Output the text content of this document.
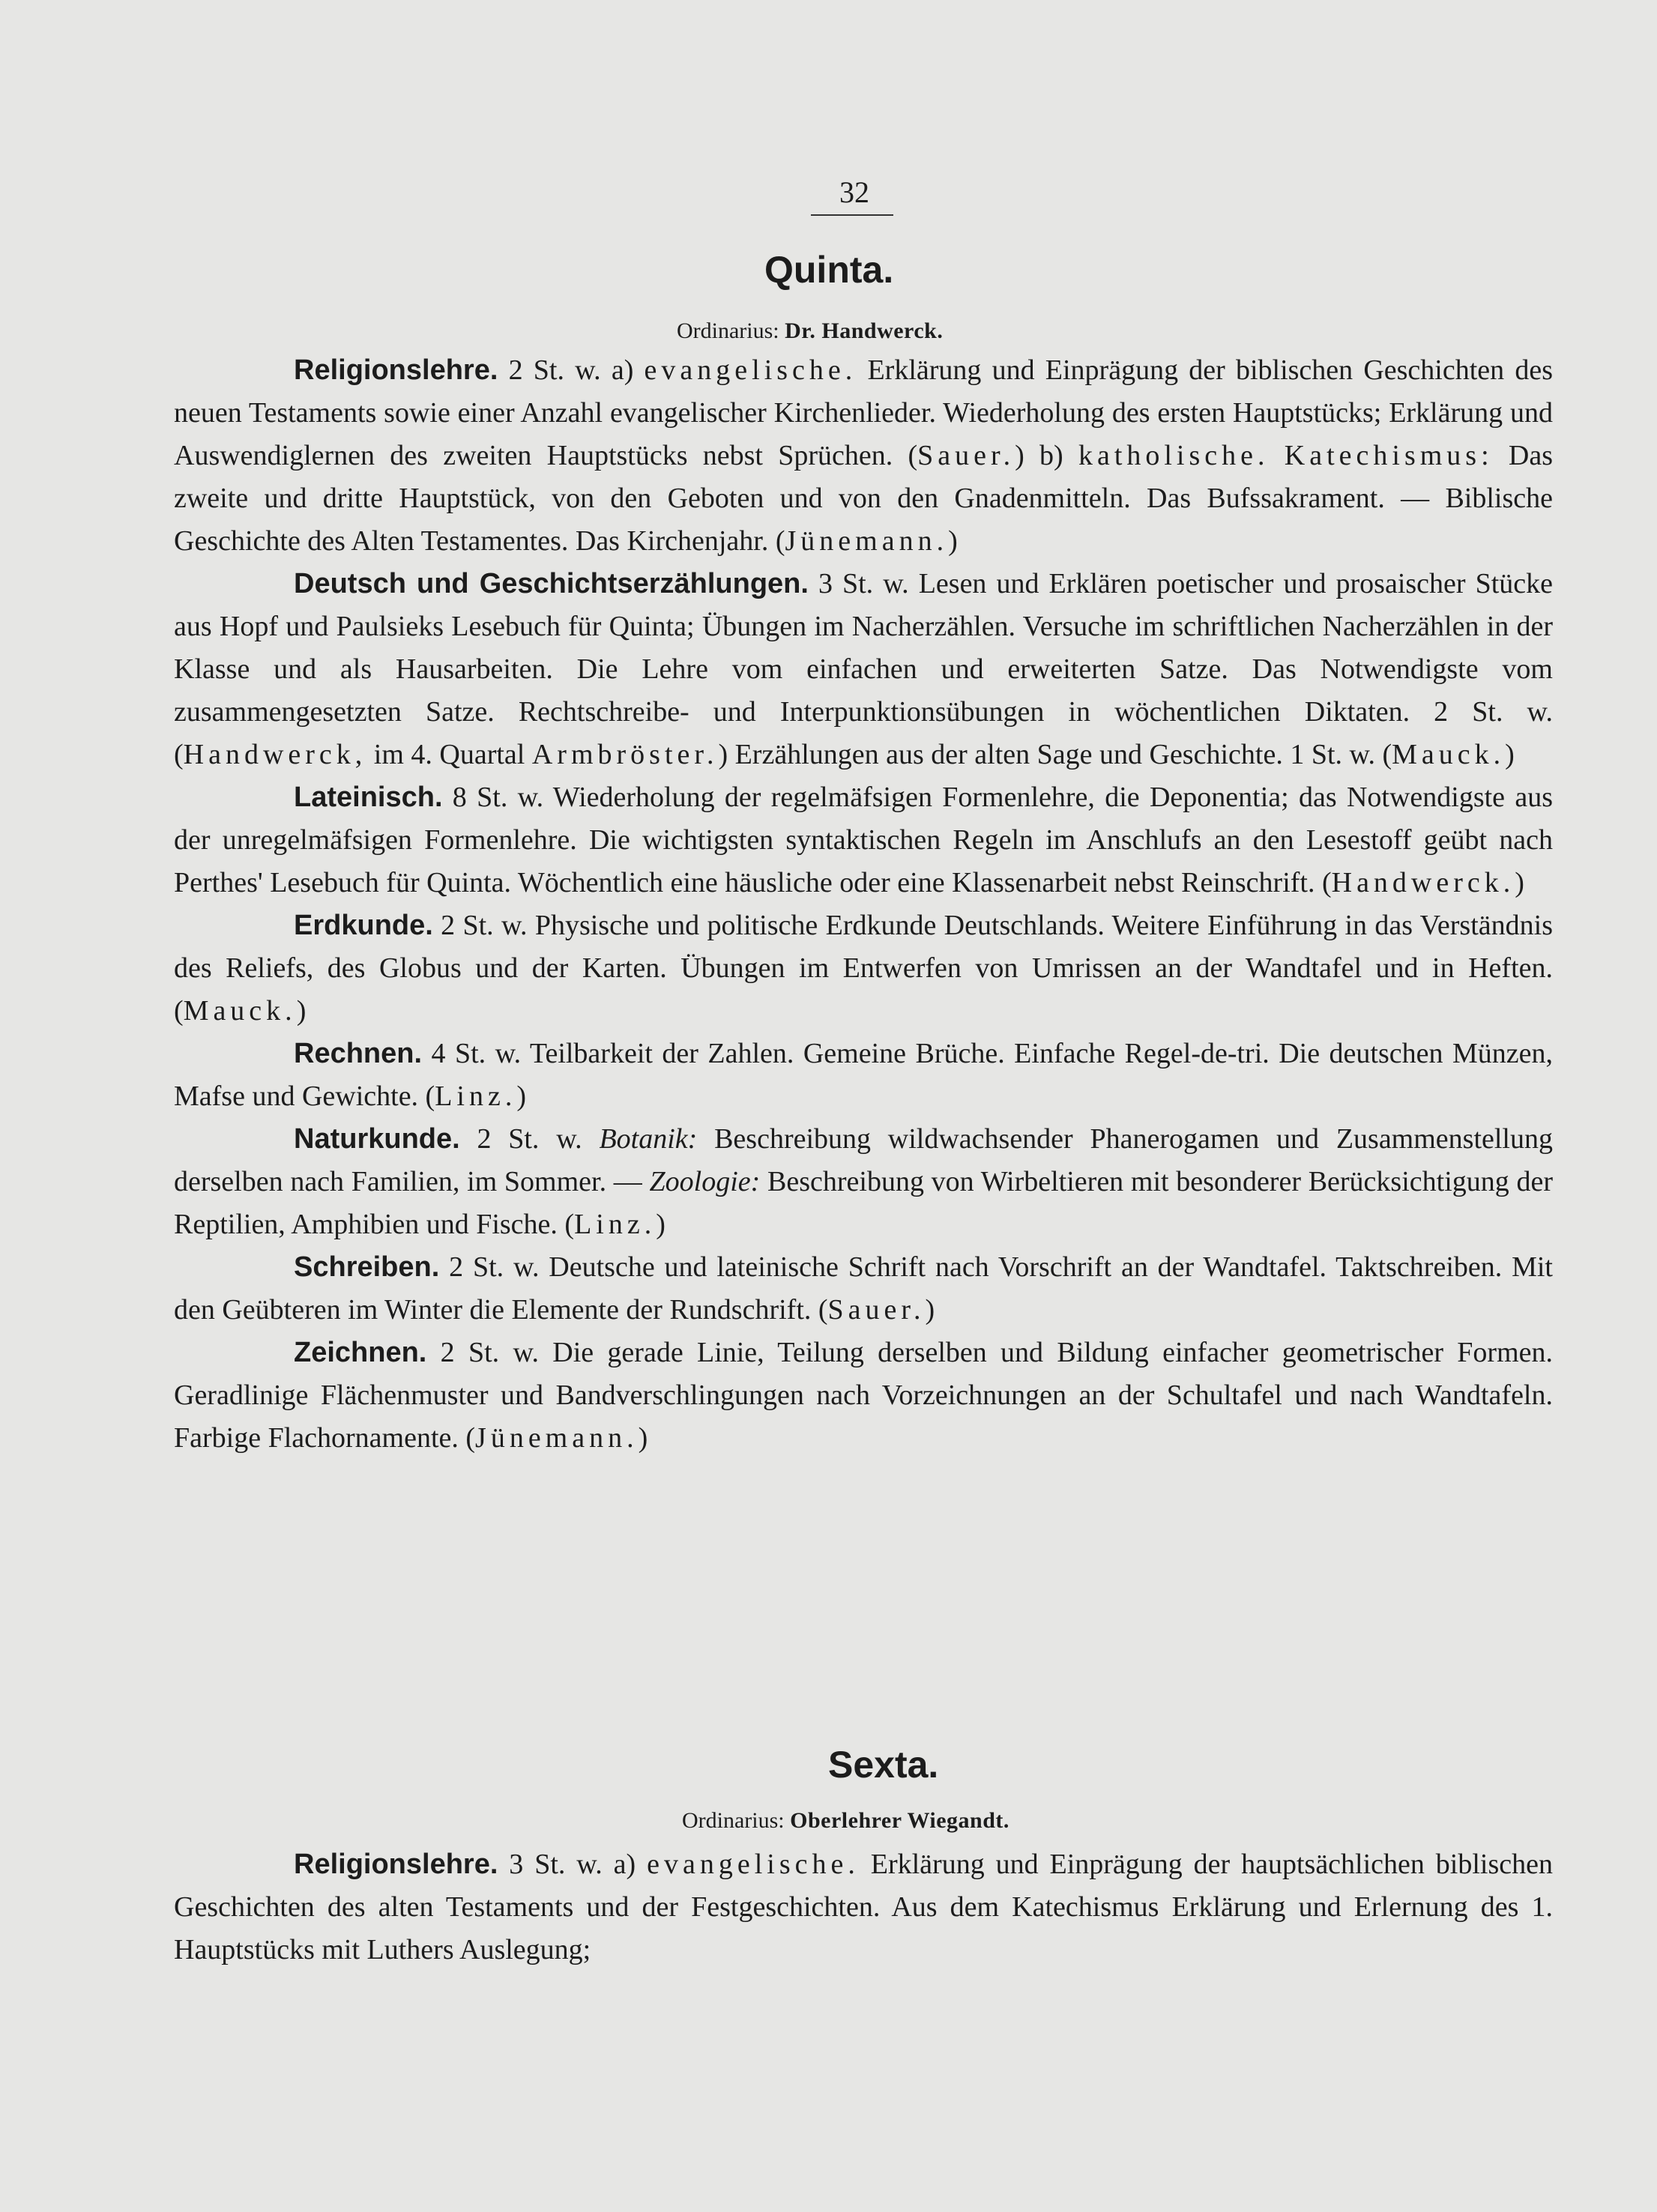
32
Quinta.
Ordinarius: Dr. Handwerck.

Religionslehre. 2 St. w. a) evangelische. Erklärung und Einprägung der biblischen Geschichten des neuen Testaments sowie einer Anzahl evangelischer Kirchenlieder. Wiederholung des ersten Hauptstücks; Erklärung und Auswendiglernen des zweiten Hauptstücks nebst Sprüchen. (Sauer.) b) katholische. Katechismus: Das zweite und dritte Hauptstück, von den Geboten und von den Gnadenmitteln. Das Bufssakrament. — Biblische Geschichte des Alten Testamentes. Das Kirchenjahr. (Jünemann.)

Deutsch und Geschichtserzählungen. 3 St. w. Lesen und Erklären poetischer und prosaischer Stücke aus Hopf und Paulsieks Lesebuch für Quinta; Übungen im Nacherzählen. Versuche im schriftlichen Nacherzählen in der Klasse und als Hausarbeiten. Die Lehre vom einfachen und erweiterten Satze. Das Notwendigste vom zusammengesetzten Satze. Rechtschreibe- und Interpunktionsübungen in wöchentlichen Diktaten. 2 St. w. (Handwerck, im 4. Quartal Armbröster.) Erzählungen aus der alten Sage und Geschichte. 1 St. w. (Mauck.)

Lateinisch. 8 St. w. Wiederholung der regelmäfsigen Formenlehre, die Deponentia; das Notwendigste aus der unregelmäfsigen Formenlehre. Die wichtigsten syntaktischen Regeln im Anschlufs an den Lesestoff geübt nach Perthes' Lesebuch für Quinta. Wöchentlich eine häusliche oder eine Klassenarbeit nebst Reinschrift. (Handwerck.)

Erdkunde. 2 St. w. Physische und politische Erdkunde Deutschlands. Weitere Einführung in das Verständnis des Reliefs, des Globus und der Karten. Übungen im Entwerfen von Umrissen an der Wandtafel und in Heften. (Mauck.)

Rechnen. 4 St. w. Teilbarkeit der Zahlen. Gemeine Brüche. Einfache Regel-de-tri. Die deutschen Münzen, Mafse und Gewichte. (Linz.)

Naturkunde. 2 St. w. Botanik: Beschreibung wildwachsender Phanerogamen und Zusammenstellung derselben nach Familien, im Sommer. — Zoologie: Beschreibung von Wirbeltieren mit besonderer Berücksichtigung der Reptilien, Amphibien und Fische. (Linz.)

Schreiben. 2 St. w. Deutsche und lateinische Schrift nach Vorschrift an der Wandtafel. Taktschreiben. Mit den Geübteren im Winter die Elemente der Rundschrift. (Sauer.)

Zeichnen. 2 St. w. Die gerade Linie, Teilung derselben und Bildung einfacher geometrischer Formen. Geradlinige Flächenmuster und Bandverschlingungen nach Vorzeichnungen an der Schultafel und nach Wandtafeln. Farbige Flachornamente. (Jünemann.)

Sexta.
Ordinarius: Oberlehrer Wiegandt.

Religionslehre. 3 St. w. a) evangelische. Erklärung und Einprägung der hauptsächlichen biblischen Geschichten des alten Testaments und der Festgeschichten. Aus dem Katechismus Erklärung und Erlernung des 1. Hauptstücks mit Luthers Auslegung;
